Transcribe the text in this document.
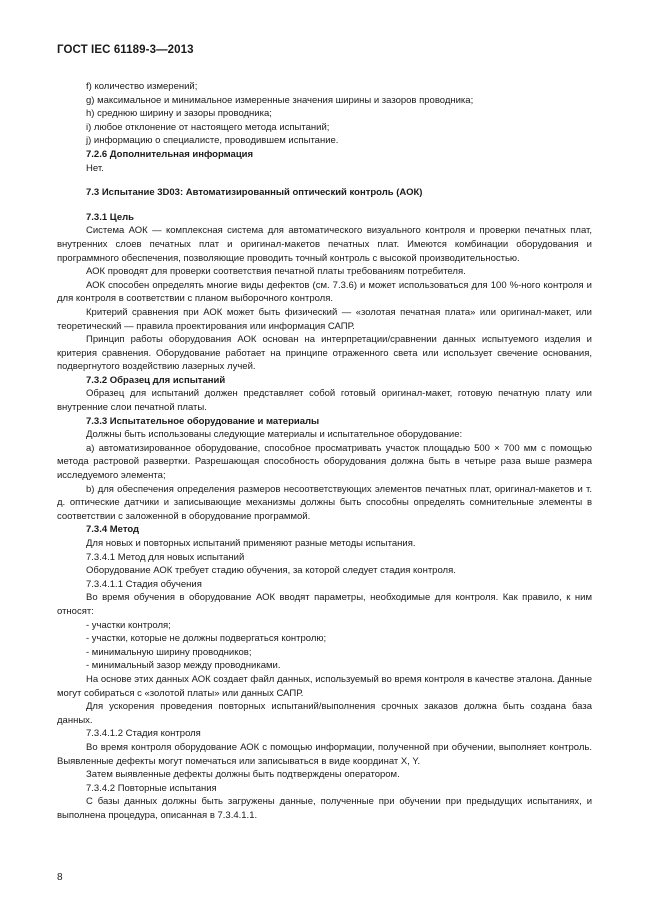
ГОСТ IEC 61189-3—2013

f) количество измерений;

g) максимальное и минимальное измеренные значения ширины и зазоров проводника;

h) среднюю ширину и зазоры проводника;

i) любое отклонение от настоящего метода испытаний;

j) информацию о специалисте, проводившем испытание.

7.2.6 Дополнительная информация

Нет.

7.3 Испытание 3D03: Автоматизированный оптический контроль (АОК)

7.3.1 Цель

Система АОК — комплексная система для автоматического визуального контроля и проверки печатных плат, внутренних слоев печатных плат и оригинал-макетов печатных плат. Имеются комбинации оборудования и программного обеспечения, позволяющие проводить точный контроль с высокой производительностью.

АОК проводят для проверки соответствия печатной платы требованиям потребителя.

АОК способен определять многие виды дефектов (см. 7.3.6) и может использоваться для 100 %-ного контроля и для контроля в соответствии с планом выборочного контроля.

Критерий сравнения при АОК может быть физический — «золотая печатная плата» или оригинал-макет, или теоретический — правила проектирования или информация САПР.

Принцип работы оборудования АОК основан на интерпретации/сравнении данных испытуемого изделия и критерия сравнения. Оборудование работает на принципе отраженного света или использует свечение основания, подвергнутого воздействию лазерных лучей.

7.3.2 Образец для испытаний

Образец для испытаний должен представляет собой готовый оригинал-макет, готовую печатную плату или внутренние слои печатной платы.

7.3.3 Испытательное оборудование и материалы

Должны быть использованы следующие материалы и испытательное оборудование:

a) автоматизированное оборудование, способное просматривать участок площадью 500 × 700 мм с помощью метода растровой развертки. Разрешающая способность оборудования должна быть в четыре раза выше размера исследуемого элемента;

b) для обеспечения определения размеров несоответствующих элементов печатных плат, оригинал-макетов и т. д. оптические датчики и записывающие механизмы должны быть способны определять сомнительные элементы в соответствии с заложенной в оборудование программой.

7.3.4 Метод

Для новых и повторных испытаний применяют разные методы испытания.

7.3.4.1 Метод для новых испытаний

Оборудование АОК требует стадию обучения, за которой следует стадия контроля.

7.3.4.1.1 Стадия обучения

Во время обучения в оборудование АОК вводят параметры, необходимые для контроля. Как правило, к ним относят:

- участки контроля;

- участки, которые не должны подвергаться контролю;

- минимальную ширину проводников;

- минимальный зазор между проводниками.

На основе этих данных АОК создает файл данных, используемый во время контроля в качестве эталона. Данные могут собираться с «золотой платы» или данных САПР.

Для ускорения проведения повторных испытаний/выполнения срочных заказов должна быть создана база данных.

7.3.4.1.2 Стадия контроля

Во время контроля оборудование АОК с помощью информации, полученной при обучении, выполняет контроль. Выявленные дефекты могут помечаться или записываться в виде координат X, Y.

Затем выявленные дефекты должны быть подтверждены оператором.

7.3.4.2 Повторные испытания

С базы данных должны быть загружены данные, полученные при обучении при предыдущих испытаниях, и выполнена процедура, описанная в 7.3.4.1.1.

8
